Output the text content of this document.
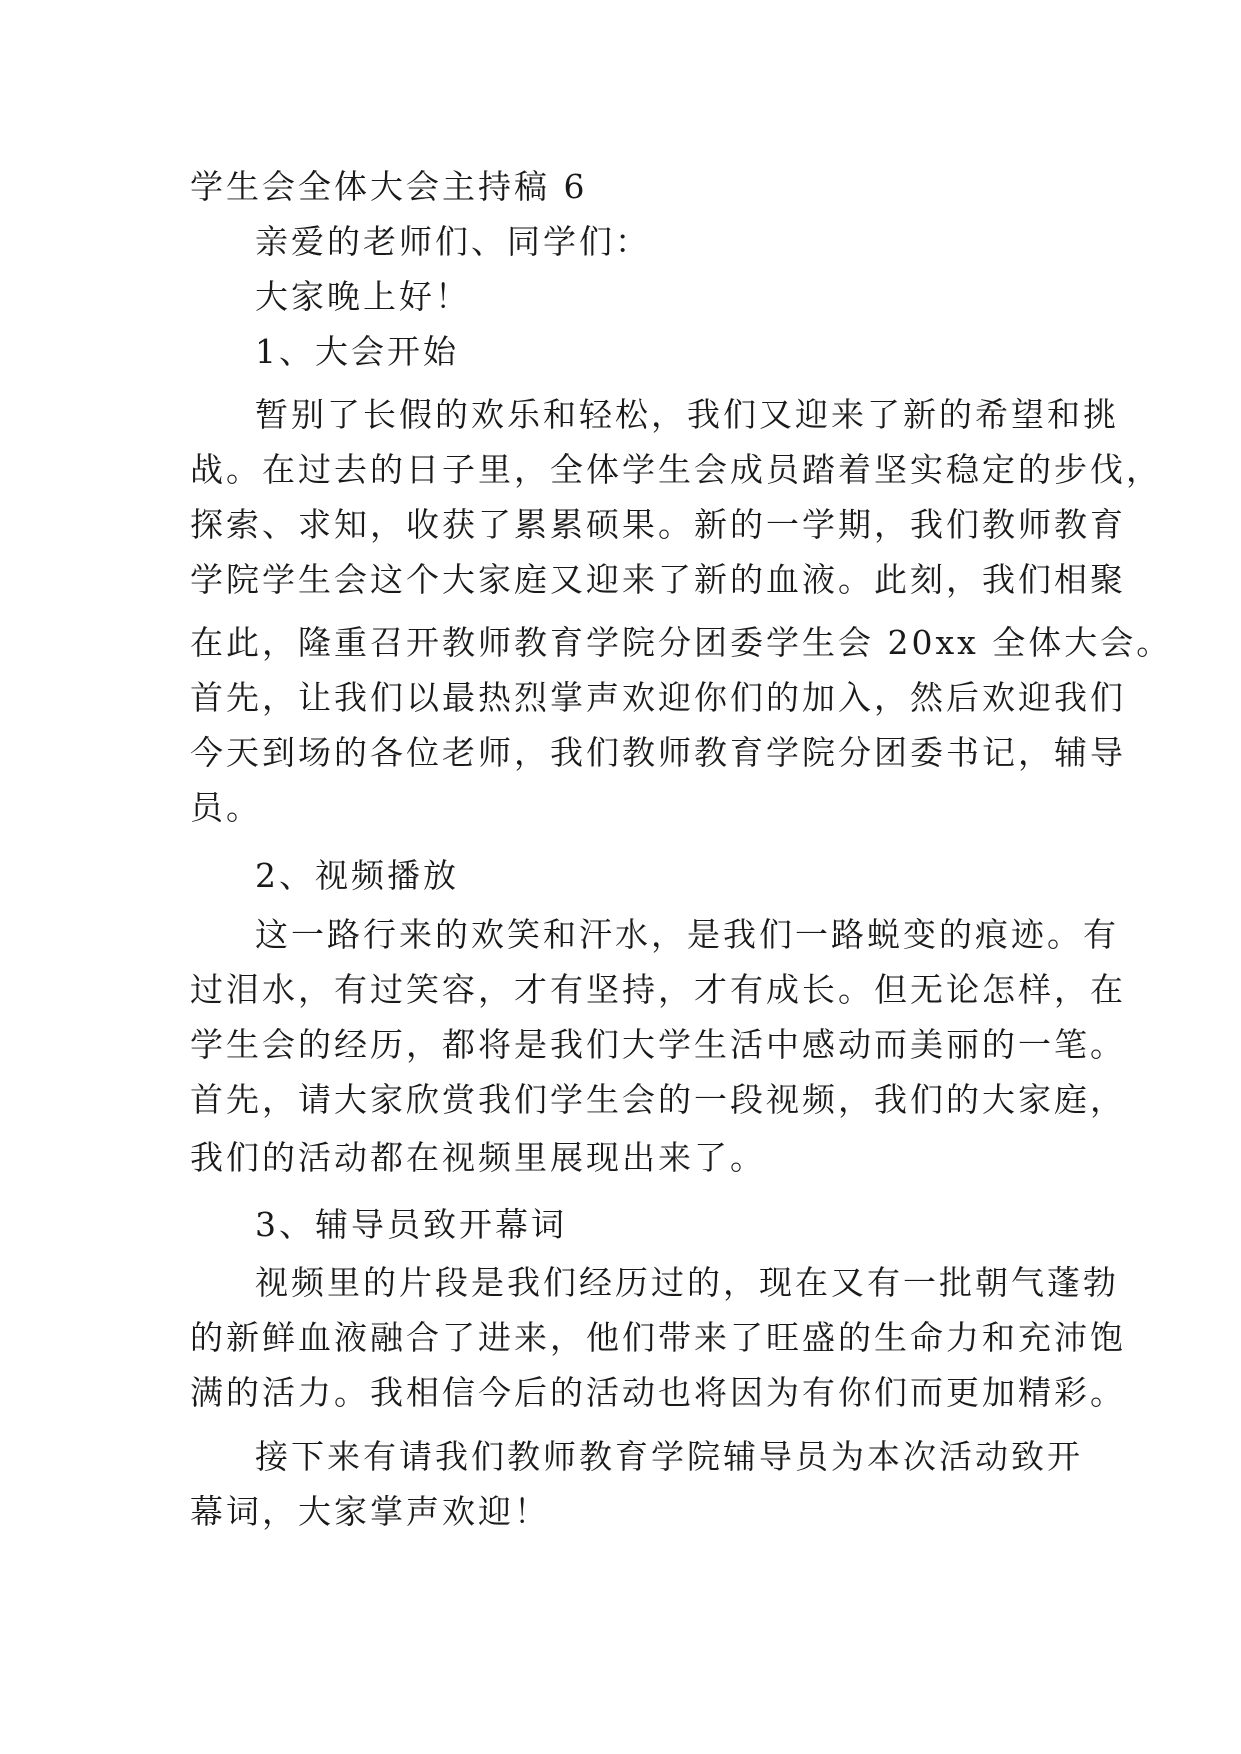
学生会全体大会主持稿 6
亲爱的老师们、同学们：
大家晚上好！
1、大会开始
暂别了长假的欢乐和轻松，我们又迎来了新的希望和挑
战。在过去的日子里，全体学生会成员踏着坚实稳定的步伐，
探索、求知，收获了累累硕果。新的一学期，我们教师教育
学院学生会这个大家庭又迎来了新的血液。此刻，我们相聚
在此，隆重召开教师教育学院分团委学生会 20xx 全体大会。
首先，让我们以最热烈掌声欢迎你们的加入，然后欢迎我们
今天到场的各位老师，我们教师教育学院分团委书记，辅导
员。
2、视频播放
这一路行来的欢笑和汗水，是我们一路蜕变的痕迹。有
过泪水，有过笑容，才有坚持，才有成长。但无论怎样，在
学生会的经历，都将是我们大学生活中感动而美丽的一笔。
首先，请大家欣赏我们学生会的一段视频，我们的大家庭，
我们的活动都在视频里展现出来了。
3、辅导员致开幕词
视频里的片段是我们经历过的，现在又有一批朝气蓬勃
的新鲜血液融合了进来，他们带来了旺盛的生命力和充沛饱
满的活力。我相信今后的活动也将因为有你们而更加精彩。
接下来有请我们教师教育学院辅导员为本次活动致开
幕词，大家掌声欢迎！
